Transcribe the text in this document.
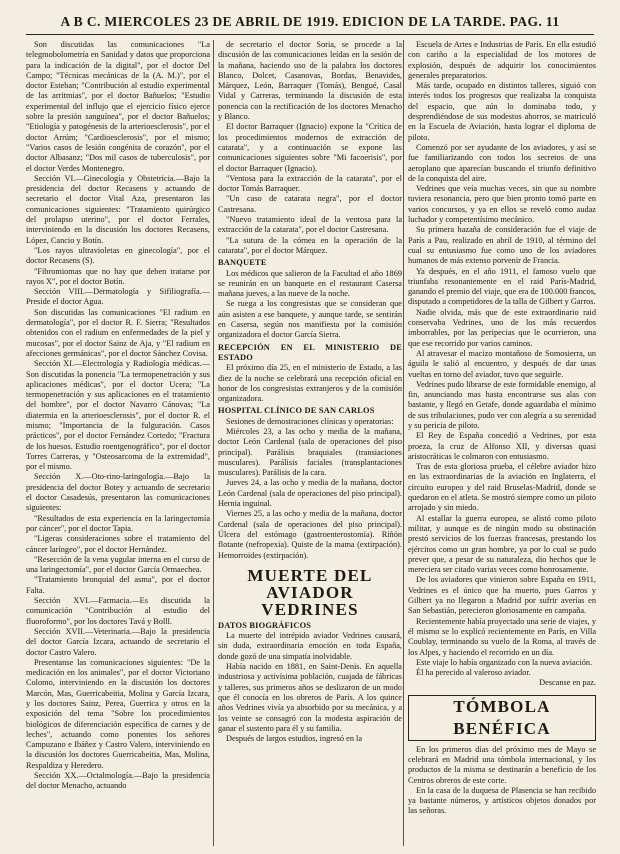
A B C. MIERCOLES 23 DE ABRIL DE 1919. EDICION DE LA TARDE. PAG. 11

Son discutidas las comunicaciones "La telegmobolometría en Sanidad y datos que proporciona para la indicación de la digital", por el doctor Del Campo; "Técnicas mecánicas de la (A. M.)", por el doctor Esteban; "Contribución al estudio experimental de las arritmias", por el doctor Bañuelos; "Estudio experimental del influjo que el ejercicio físico ejerce sobre la presión sanguínea", por el doctor Bañuelos; "Etiología y patogénesis de la arterioesclerosis", por el doctor Arrúm; "Cardioesclerosis", por el mismo; "Varios casos de lesión congénita de corazón", por el doctor Albasanz; "Dos mil casos de tuberculosis", por el doctor Verdes Montenegro.

Sección VI.—Ginecología y Obstetricia.—Bajo la presidencia del doctor Recasens y actuando de secretario el doctor Vital Aza, presentaron las comunicaciones siguientes: "Tratamiento quirúrgico del prolapso uterino", por el doctor Ferrales, interviniendo en la discusión los doctores Recasens, López, Cancio y Botín.

"Los rayos ultravioletas en ginecología", por el doctor Recasens (S).

"Fibromiomas que no hay que deben tratarse por rayos X", por el doctor Botín.

Sección VIII.—Dermatología y Sifiliografía.—Preside el doctor Agua.

Son discutidas las comunicaciones "El radium en dermatología", por el doctor R. F. Sierra; "Resultados obtenidos con el radium en enfermedades de la piel y mucosas", por el doctor Sainz de Aja, y "El radium en afecciones germánicas", por el doctor Sánchez Covisa.

Sección XI.—Electrología y Radiología médicas.—Son discutidas la ponencia "La termopenetración y sus aplicaciones médicas", por el doctor Ucera; "La termopenetración y sus aplicaciones en el tratamiento del hombre", por el doctor Navarro Cánovas; "La diatermia en la arterioesclerosis", por el doctor R. el mismo; "Importancia de la fulguración. Casos prácticos", por el doctor Fernández Cortedo; "Fractura de los huesos. Estudio roentgenográfico", por el doctor Torres Carreras, y "Osteosarcoma de la extremidad", por el mismo.

Sección X.—Oto-rino-laringología.—Bajo la presidencia del doctor Botey y actuando de secretario el doctor Casadesús, presentaron las comunicaciones siguientes:

"Resultados de esta experiencia en la laringectomía por cáncer", por el doctor Tapia.

"Ligeras consideraciones sobre el tratamiento del cáncer laríngeo", por el doctor Hernández.

"Resección de la vena yugular interna en el curso de una laringectomía", por el doctor García Ormaechea.

"Tratamiento bronquial del asma", por el doctor Falta.

Sección XVI.—Farmacia.—Es discutida la comunicación "Contribución al estudio del fluoroformo", por los doctores Tavá y Bolll.

Sección XVII.—Veterinaria.—Bajo la presidencia del doctor García Izcara, actuando de secretario el doctor Castro Valero.

Presentanse las comunicaciones siguientes: "De la medicación en los animales", por el doctor Victoriano Colomo, interviniendo en la discusión los doctores Marcón, Mas, Guerricabeitia, Molina y García Izcara, y los doctores Sainz, Perea, Guerrica y otros en la exposición del tema "Sobre los procedimientos biológicos de diferenciación específica de carnes y de leches", actuando como ponentes los señores Campuzano e Ibáñez y Castro Valero, interviniendo en la discusión los doctores Guerricabeitia, Mas, Molina, Respaldiza y Heredero.

Sección XX.—Octalmología.—Bajo la presidencia del doctor Menacho, actuando

de secretario el doctor Soria, se procede a la discusión de las comunicaciones leídas en la sesión de la mañana, haciendo uso de la palabra los doctores Blanco, Dolcet, Casanovas, Bordas, Benavides, Márquez, León, Barraquer (Tomás), Bengué, Casal Vidal y Carreras, terminando la discusión de esta ponencia con la rectificación de los doctores Menacho y Blanco.

El doctor Barraquer (Ignacio) expone la "Crítica de los procedimientos modernos de extracción de catarata", y a continuación se expone las comunicaciones siguientes sobre "Mi facoerisis", por el doctor Barraquer (Ignacio).

"Ventosa para la extracción de la catarata", por el doctor Tomás Barraquer.

"Un caso de catarata negra", por el doctor Castresana.

"Nuevo tratamiento ideal de la ventosa para la extracción de la catarata", por el doctor Castresana.

"La sutura de la córnea en la operación de la catarata", por el doctor Márquez.

BANQUETE

Los médicos que salieron de la Facultad el año 1869 se reunirán en un banquete en el restaurant Casersa mañana jueves, a las nueve de la noche.

Se ruega a los congresistas que se consideran que aún asisten a ese banquete, y aunque tarde, se sentirán en Casersa, según nos manifiesta por la comisión organizadora el doctor García Sierra.

RECEPCIÓN EN EL MINISTERIO DE ESTADO

El próximo día 25, en el ministerio de Estado, a las diez de la noche se celebrará una recepción oficial en honor de los congresistas extranjeros y de la comisión organizadora.

HOSPITAL CLÍNICO DE SAN CARLOS

Sesiones de demostraciones clínicas y operatorias:

Miércoles 23, a las ocho y media de la mañana, doctor León Cardenal (sala de operaciones del piso principal). Parálisis braquiales (transiaciones musculares). Parálisis faciales (transplantaciones musculares). Parálisis de la cara.

Jueves 24, a las ocho y media de la mañana, doctor León Cardenal (sala de operaciones del piso principal). Hernia inguinal.

Viernes 25, a las ocho y media de la mañana, doctor Cardenal (sala de operaciones del piso principal). Úlcera del estómago (gastroenterostomía). Riñón flotante (nefropexia). Quiste de la mama (extirpación). Hemorroides (extirpación).

MUERTE DEL AVIADOR VEDRINES

DATOS BIOGRÁFICOS

La muerte del intrépido aviador Vedrines causará, sin duda, extraordinaria emoción en toda España, donde gozó de una simpatía inolvidable.

Había nacido en 1881, en Saint-Denis. En aquella industriosa y activísima población, cuajada de fábricas y talleres, sus primeros años se deslizaron de un modo que él conocía en los obreros de París. A los quince años Vedrines vivía ya absorbido por su mecánica, y a los veinte se consagró con la modesta aspiración de ganar el sustento para él y su familia.

Después de largos estudios, ingresó en la

Escuela de Artes e Industrias de París. En ella estudió con cariño a la especialidad de los motores de explosión, después de adquirir los conocimientos generales preparatorios.

Más tarde, ocupado en distintos talleres, siguió con interés todos los progresos que realizaba la conquista del espacio, que aún lo dominaba todo, y desprendiéndose de sus modestos ahorros, se matriculó en la Escuela de Aviación, hasta lograr el diploma de piloto.

Comenzó por ser ayudante de los aviadores, y así se fue familiarizando con todos los secretos de una aeroplano que aparecían buscando el triunfo definitivo de la conquista del aire.

Vedrines que veía muchas veces, sin que su nombre tuviera resonancia, pero que bien pronto tomó parte en varios concursos, y ya en ellos se reveló como audaz luchador y competentísimo mecánico.

Su primera hazaña de consideración fue el viaje de París a Pau, realizado en abril de 1910, al término del cual su entusiasmo fue como uno de los aviadores humanos de más extenso porvenir de Francia.

Ya después, en el año 1911, el famoso vuelo que triunfaba resonantemente en el raid París-Madrid, ganando el premio del viaje, que era de 100.000 francos, disputado a competidores de la talla de Gilbert y Garros.

Nadie olvida, más que de este extraordinario raid conservaba Vedrines, uno de los más recuerdos imborrables, por las peripecias que le ocurrieron, una que ese recorrido por varios caminos.

Al atravesar el macizo montañoso de Somosierra, un águila le salió al encuentro, y después de dar unas vueltas en torno del aviador, tuvo que seguirle.

Vedrines pudo librarse de este formidable enemigo, al fin, anunciando mas hasta encontrarse sus alas con bastante, y llegó en Getafe, donde aguardaba el mínimo de sus tribulaciones, pudo ver con alegría a su serenidad y su pericia de piloto.

El Rey de España concedió a Vedrines, por esta proeza, la cruz de Alfonso XII, y diversas quasi aristocráticas le colmaron con entusiasmo.

Tras de esta gloriosa prueba, el célebre aviador hizo en las extraordinarias de la aviación en Inglaterra, el circuito europeo y del raid Bruselas-Madrid, donde se quedaron en el atleta. Se mostró siempre como un piloto arrojado y sin miedo.

Al estallar la guerra europea, se alistó como piloto militar, y aunque es de ningún modo su obstinación prestó servicios de los fuerzas francesas, prestando los ejércitos como un gran hombre, ya por lo cual se pudo prever que, a pesar de su naturaleza, dio hechos que le mereciera ser citado varias veces como honrosamente.

De los aviadores que vinieron sobre España en 1911, Vedrines es el único que ha muerto, pues Garros y Gilbert ya no llegaron a Madrid por sufrir averías en San Sebastián, perecieron gloriosamente en campaña.

Recientemente había proyectado una serie de viajes, y él mismo se lo explicó recientemente en París, en Villa Coublay, terminando su vuelo de la Roma, al través de los Alpes, y haciendo el recorrido en un día.

Este viaje lo había organizado con la nueva aviación.

Él ha perecido al valeroso aviador.

Descanse en paz.

TÓMBOLA BENÉFICA

En los primeros días del próximo mes de Mayo se celebrará en Madrid una tómbola internacional, y los productos de la misma se destinarán a beneficio de los Centros obreros de este corte.

En la casa de la duquesa de Plasencia se han recibido ya bastante números, y artísticos objetos donados por las señoras.
